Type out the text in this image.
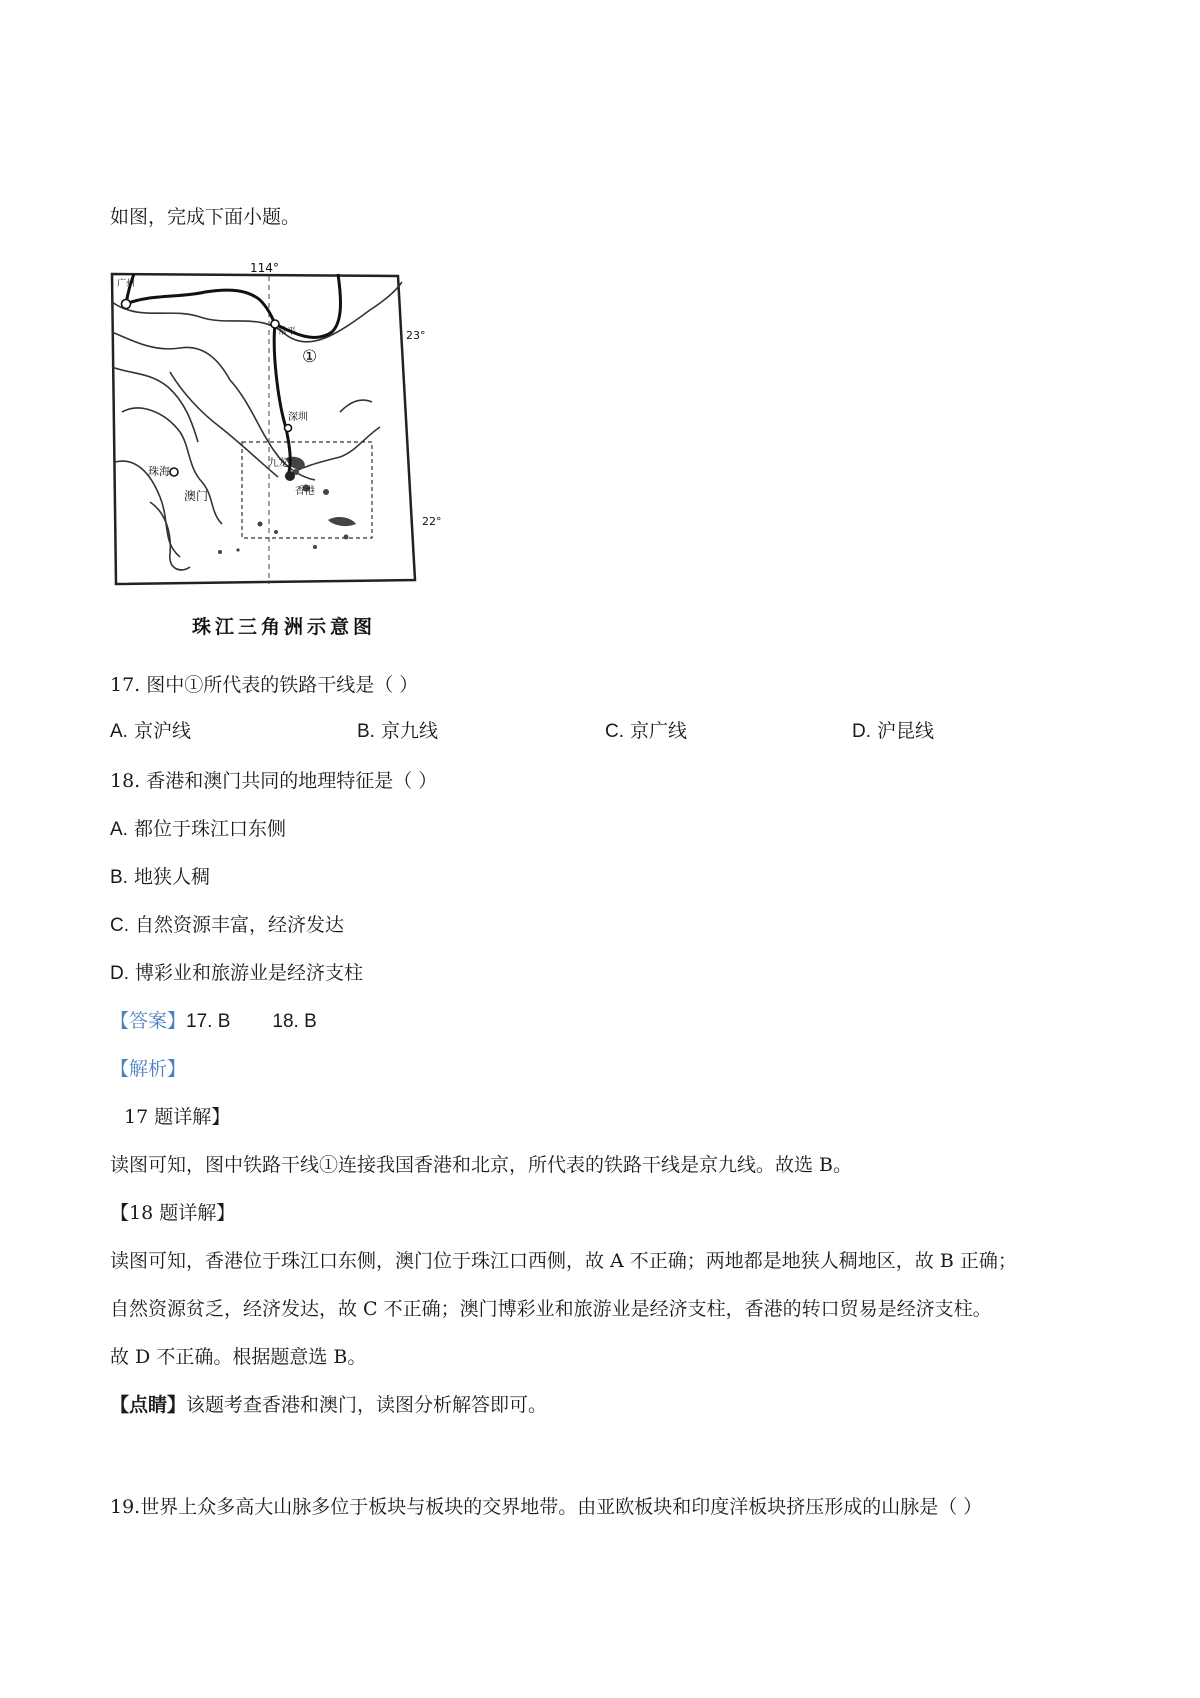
如图，完成下面小题。
114°
23°
22°
广州
常平
①
深圳
九龙
香港
珠海
澳门
珠江三角洲示意图
17. 图中①所代表的铁路干线是（ ）
A. 京沪线	B. 京九线	C. 京广线	D. 沪昆线
18. 香港和澳门共同的地理特征是（ ）
A. 都位于珠江口东侧
B. 地狭人稠
C. 自然资源丰富，经济发达
D. 博彩业和旅游业是经济支柱
【答案】17. B 18. B
【解析】
17 题详解】
读图可知，图中铁路干线①连接我国香港和北京，所代表的铁路干线是京九线。故选 B。
【18 题详解】
读图可知，香港位于珠江口东侧，澳门位于珠江口西侧，故 A 不正确；两地都是地狭人稠地区，故 B 正确；
自然资源贫乏，经济发达，故 C 不正确；澳门博彩业和旅游业是经济支柱，香港的转口贸易是经济支柱。
故 D 不正确。根据题意选 B。
【点睛】该题考查香港和澳门，读图分析解答即可。
19.世界上众多高大山脉多位于板块与板块的交界地带。由亚欧板块和印度洋板块挤压形成的山脉是（ ）
